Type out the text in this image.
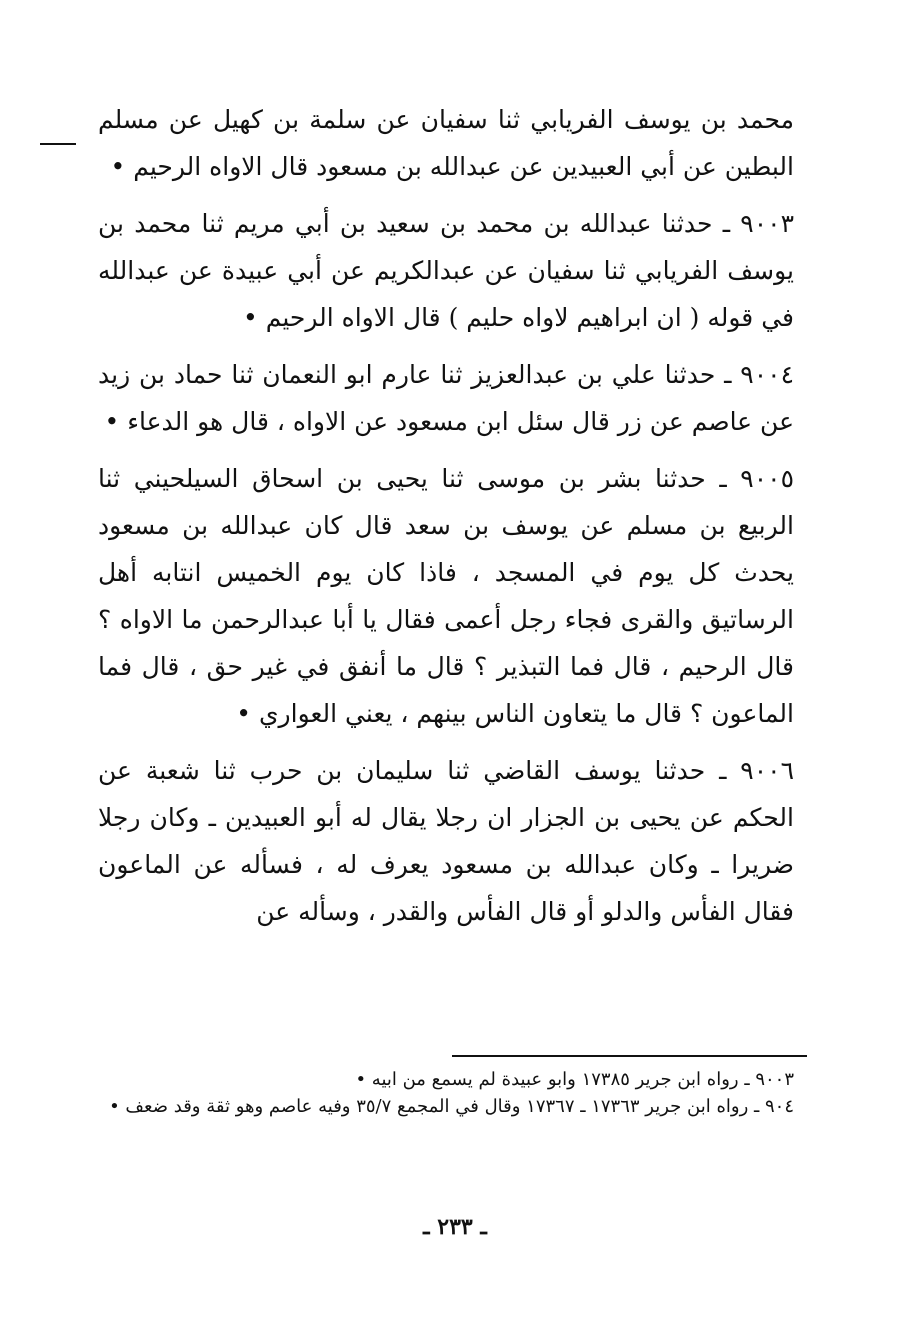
محمد بن يوسف الفريابي ثنا سفيان عن سلمة بن كهيل عن مسلم البطين عن أبي العبيدين عن عبدالله بن مسعود قال الاواه الرحيم •

٩٠٠٣ ـ حدثنا عبدالله بن محمد بن سعيد بن أبي مريم ثنا محمد بن يوسف الفريابي ثنا سفيان عن عبدالكريم عن أبي عبيدة عن عبدالله في قوله ( ان ابراهيم لاواه حليم ) قال الاواه الرحيم •

٩٠٠٤ ـ حدثنا علي بن عبدالعزيز ثنا عارم ابو النعمان ثنا حماد بن زيد عن عاصم عن زر قال سئل ابن مسعود عن الاواه ، قال هو الدعاء •

٩٠٠٥ ـ حدثنا بشر بن موسى ثنا يحيى بن اسحاق السيلحيني ثنا الربيع بن مسلم عن يوسف بن سعد قال كان عبدالله بن مسعود يحدث كل يوم في المسجد ، فاذا كان يوم الخميس انتابه أهل الرساتيق والقرى فجاء رجل أعمى فقال يا أبا عبدالرحمن ما الاواه ؟ قال الرحيم ، قال فما التبذير ؟ قال ما أنفق في غير حق ، قال فما الماعون ؟ قال ما يتعاون الناس بينهم ، يعني العواري •

٩٠٠٦ ـ حدثنا يوسف القاضي ثنا سليمان بن حرب ثنا شعبة عن الحكم عن يحيى بن الجزار ان رجلا يقال له أبو العبيدين ـ وكان رجلا ضريرا ـ وكان عبدالله بن مسعود يعرف له ، فسأله عن الماعون فقال الفأس والدلو أو قال الفأس والقدر ، وسأله عن

٩٠٠٣ ـ رواه ابن جرير ١٧٣٨٥ وابو عبيدة لم يسمع من ابيه •

٩٠٤ ـ رواه ابن جرير ١٧٣٦٣ ـ ١٧٣٦٧ وقال في المجمع ٣٥/٧ وفيه عاصم وهو ثقة وقد ضعف •

ـ ٢٣٣ ـ
